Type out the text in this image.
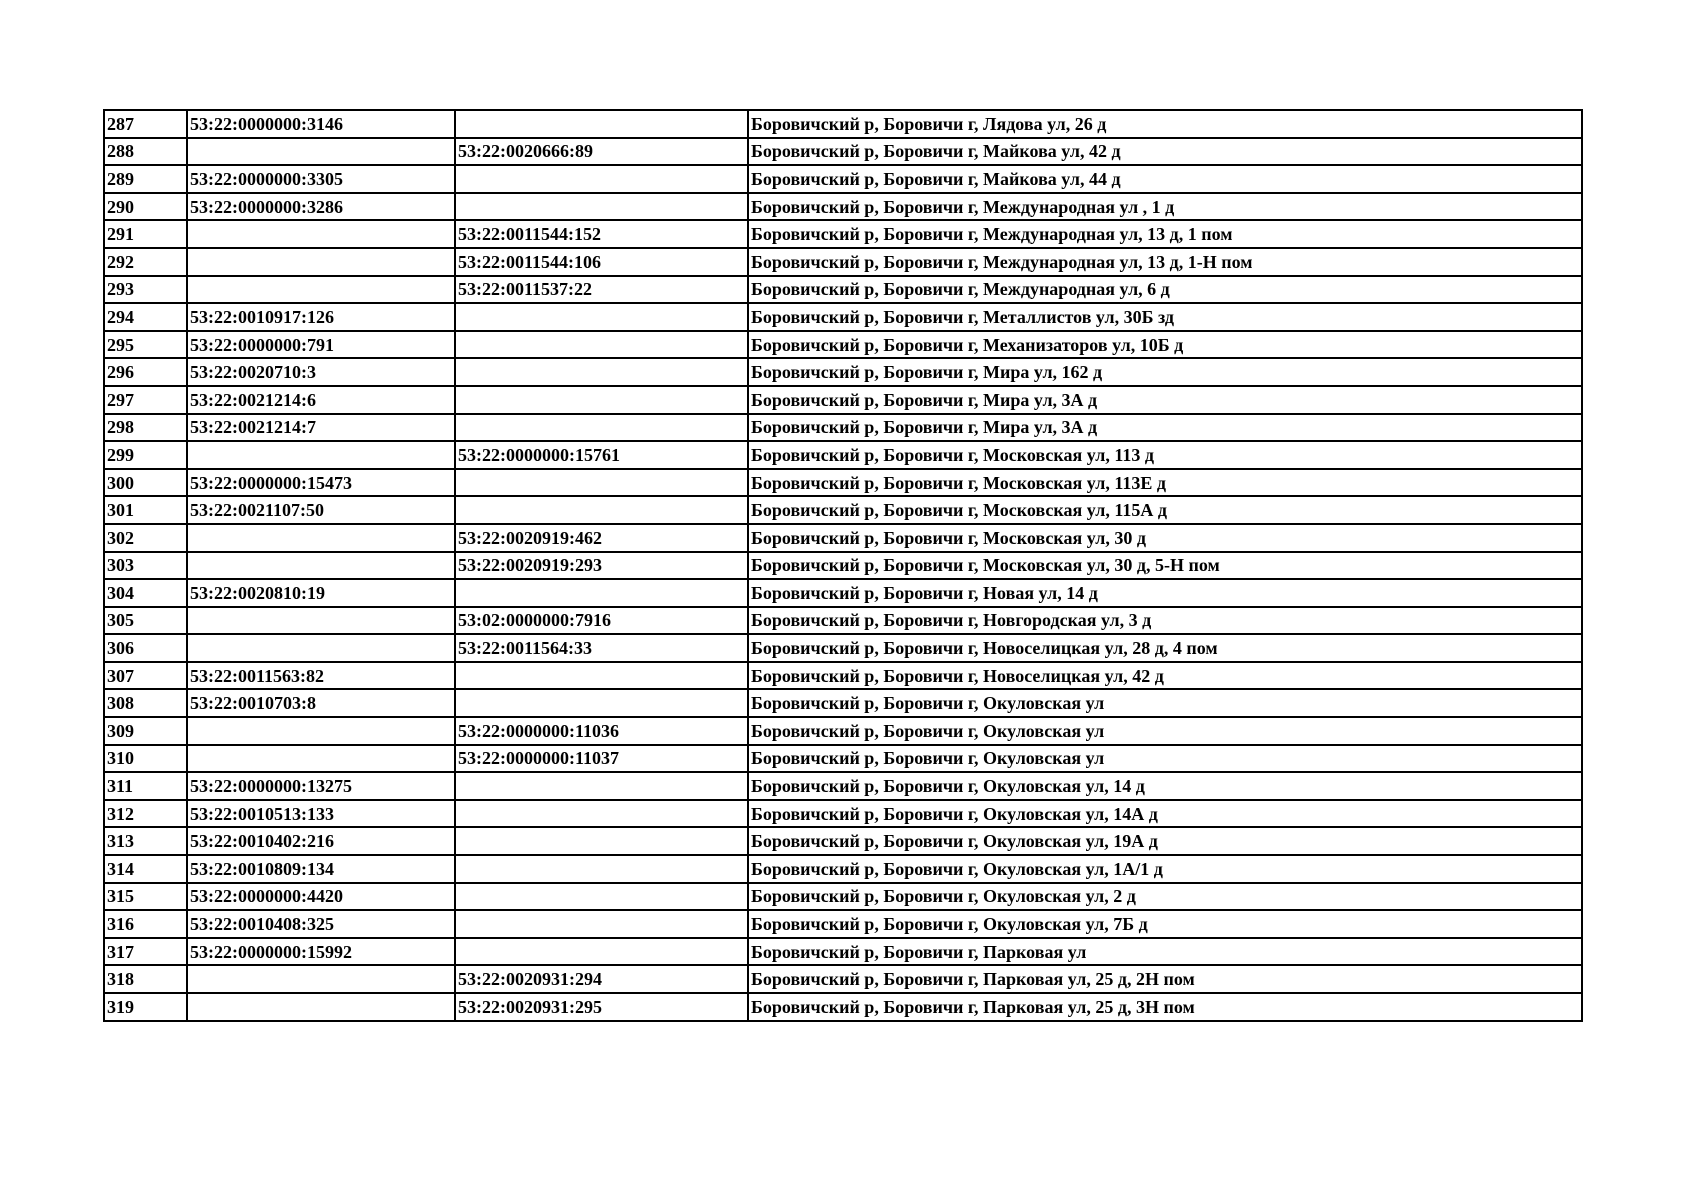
287	53:22:0000000:3146		Боровичский р, Боровичи г, Лядова ул, 26 д
288		53:22:0020666:89	Боровичский р, Боровичи г, Майкова ул, 42 д
289	53:22:0000000:3305		Боровичский р, Боровичи г, Майкова ул, 44 д
290	53:22:0000000:3286		Боровичский р, Боровичи г, Международная ул , 1 д
291		53:22:0011544:152	Боровичский р, Боровичи г, Международная ул, 13 д, 1 пом
292		53:22:0011544:106	Боровичский р, Боровичи г, Международная ул, 13 д, 1-Н пом
293		53:22:0011537:22	Боровичский р, Боровичи г, Международная ул, 6 д
294	53:22:0010917:126		Боровичский р, Боровичи г, Металлистов ул, 30Б зд
295	53:22:0000000:791		Боровичский р, Боровичи г, Механизаторов ул, 10Б д
296	53:22:0020710:3		Боровичский р, Боровичи г, Мира ул, 162 д
297	53:22:0021214:6		Боровичский р, Боровичи г, Мира ул, 3А д
298	53:22:0021214:7		Боровичский р, Боровичи г, Мира ул, 3А д
299		53:22:0000000:15761	Боровичский р, Боровичи г, Московская ул, 113 д
300	53:22:0000000:15473		Боровичский р, Боровичи г, Московская ул, 113Е д
301	53:22:0021107:50		Боровичский р, Боровичи г, Московская ул, 115А д
302		53:22:0020919:462	Боровичский р, Боровичи г, Московская ул, 30 д
303		53:22:0020919:293	Боровичский р, Боровичи г, Московская ул, 30 д, 5-Н пом
304	53:22:0020810:19		Боровичский р, Боровичи г, Новая ул, 14 д
305		53:02:0000000:7916	Боровичский р, Боровичи г, Новгородская ул, 3 д
306		53:22:0011564:33	Боровичский р, Боровичи г, Новоселицкая ул, 28 д, 4 пом
307	53:22:0011563:82		Боровичский р, Боровичи г, Новоселицкая ул, 42 д
308	53:22:0010703:8		Боровичский р, Боровичи г, Окуловская ул
309		53:22:0000000:11036	Боровичский р, Боровичи г, Окуловская ул
310		53:22:0000000:11037	Боровичский р, Боровичи г, Окуловская ул
311	53:22:0000000:13275		Боровичский р, Боровичи г, Окуловская ул, 14 д
312	53:22:0010513:133		Боровичский р, Боровичи г, Окуловская ул, 14А д
313	53:22:0010402:216		Боровичский р, Боровичи г, Окуловская ул, 19А д
314	53:22:0010809:134		Боровичский р, Боровичи г, Окуловская ул, 1А/1 д
315	53:22:0000000:4420		Боровичский р, Боровичи г, Окуловская ул, 2 д
316	53:22:0010408:325		Боровичский р, Боровичи г, Окуловская ул, 7Б д
317	53:22:0000000:15992		Боровичский р, Боровичи г, Парковая ул
318		53:22:0020931:294	Боровичский р, Боровичи г, Парковая ул, 25 д, 2Н пом
319		53:22:0020931:295	Боровичский р, Боровичи г, Парковая ул, 25 д, 3Н пом
